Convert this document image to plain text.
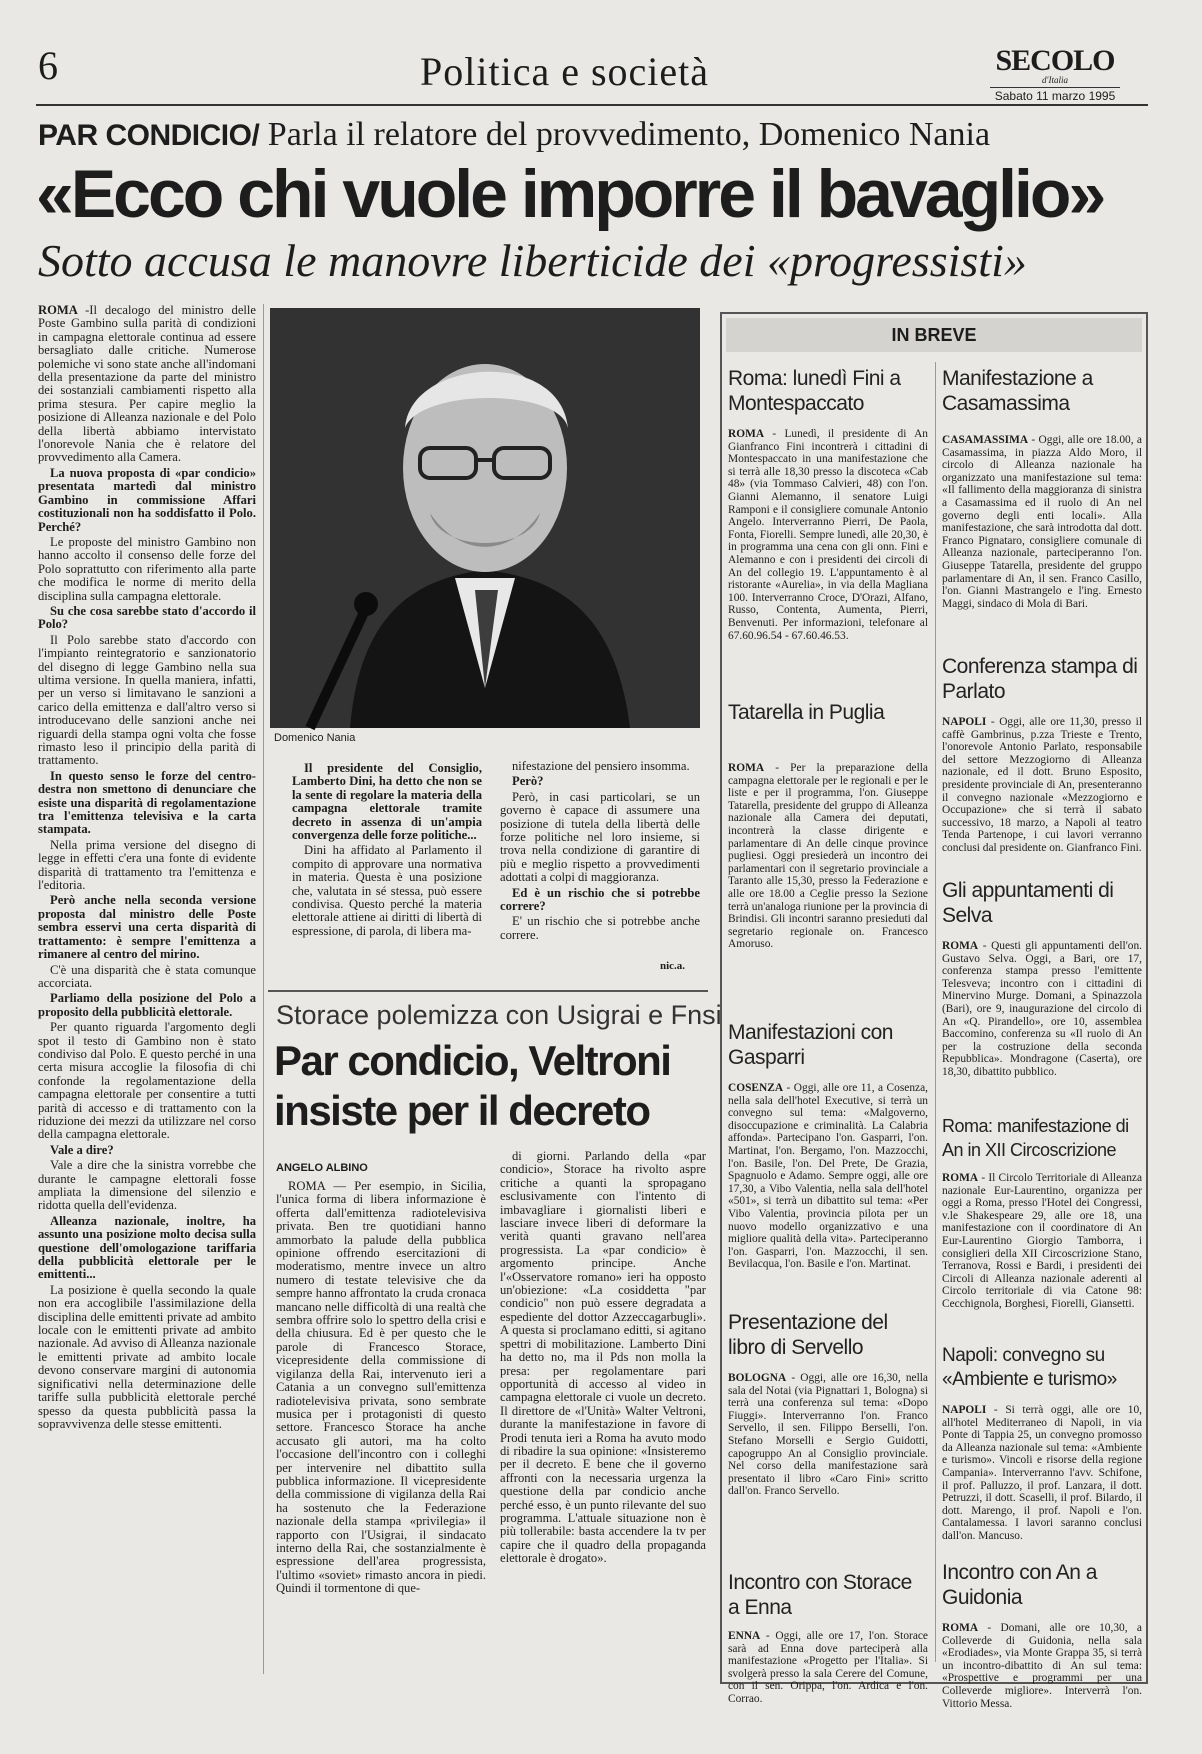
6	Politica e società	SECOLO
d'Italia
Sabato 11 marzo 1995
PAR CONDICIO/ Parla il relatore del provvedimento, Domenico Nania
«Ecco chi vuole imporre il bavaglio»
Sotto accusa le manovre liberticide dei «progressisti»

ROMA -Il decalogo del ministro delle Poste Gambino sulla parità di condizioni in campagna elettorale continua ad essere bersagliato dalle critiche. Numerose polemiche vi sono state anche all'indomani della presentazione da parte del ministro dei sostanziali cambiamenti rispetto alla prima stesura. Per capire meglio la posizione di Alleanza nazionale e del Polo della libertà abbiamo intervistato l'onorevole Nania che è relatore del provvedimento alla Camera.

La nuova proposta di «par condicio» presentata martedì dal ministro Gambino in commissione Affari costituzionali non ha soddisfatto il Polo. Perché?

Le proposte del ministro Gambino non hanno accolto il consenso delle forze del Polo soprattutto con riferimento alla parte che modifica le norme di merito della disciplina sulla campagna elettorale.

Su che cosa sarebbe stato d'accordo il Polo?

Il Polo sarebbe stato d'accordo con l'impianto reintegratorio e sanzionatorio del disegno di legge Gambino nella sua ultima versione. In quella maniera, infatti, per un verso si limitavano le sanzioni a carico della emittenza e dall'altro verso si introducevano delle sanzioni anche nei riguardi della stampa ogni volta che fosse rimasto leso il principio della parità di trattamento.

In questo senso le forze del centro-destra non smettono di denunciare che esiste una disparità di regolamentazione tra l'emittenza televisiva e la carta stampata.

Nella prima versione del disegno di legge in effetti c'era una fonte di evidente disparità di trattamento tra l'emittenza e l'editoria.

Però anche nella seconda versione proposta dal ministro delle Poste sembra esservi una certa disparità di trattamento: è sempre l'emittenza a rimanere al centro del mirino.

C'è una disparità che è stata comunque accorciata.

Parliamo della posizione del Polo a proposito della pubblicità elettorale.

Per quanto riguarda l'argomento degli spot il testo di Gambino non è stato condiviso dal Polo. E questo perché in una certa misura accoglie la filosofia di chi confonde la regolamentazione della campagna elettorale per consentire a tutti parità di accesso e di trattamento con la riduzione dei mezzi da utilizzare nel corso della campagna elettorale.

Vale a dire?

Vale a dire che la sinistra vorrebbe che durante le campagne elettorali fosse ampliata la dimensione del silenzio e ridotta quella dell'evidenza.

Alleanza nazionale, inoltre, ha assunto una posizione molto decisa sulla questione dell'omologazione tariffaria della pubblicità elettorale per le emittenti...

La posizione è quella secondo la quale non era accoglibile l'assimilazione della disciplina delle emittenti private ad ambito locale con le emittenti private ad ambito nazionale. Ad avviso di Alleanza nazionale le emittenti private ad ambito locale devono conservare margini di autonomia significativi nella determinazione delle tariffe sulla pubblicità elettorale perché spesso da questa pubblicità passa la sopravvivenza delle stesse emittenti.

Domenico Nania

Il presidente del Consiglio, Lamberto Dini, ha detto che non se la sente di regolare la materia della campagna elettorale tramite decreto in assenza di un'ampia convergenza delle forze politiche...

Dini ha affidato al Parlamento il compito di approvare una normativa in materia. Questa è una posizione che, valutata in sé stessa, può essere condivisa. Questo perché la materia elettorale attiene ai diritti di libertà di espressione, di parola, di libera ma-

nifestazione del pensiero insomma.

Però?

Però, in casi particolari, se un governo è capace di assumere una posizione di tutela della libertà delle forze politiche nel loro insieme, si trova nella condizione di garantire di più e meglio rispetto a provvedimenti adottati a colpi di maggioranza.

Ed è un rischio che si potrebbe correre?

E' un rischio che si potrebbe anche correre.

nic.a.
Storace polemizza con Usigrai e Fnsi
Par condicio, Veltroni insiste per il decreto
ANGELO ALBINO

ROMA — Per esempio, in Sicilia, l'unica forma di libera informazione è offerta dall'emittenza radiotelevisiva privata. Ben tre quotidiani hanno ammorbato la palude della pubblica opinione offrendo esercitazioni di moderatismo, mentre invece un altro numero di testate televisive che da sempre hanno affrontato la cruda cronaca mancano nelle difficoltà di una realtà che sembra offrire solo lo spettro della crisi e della chiusura. Ed è per questo che le parole di Francesco Storace, vicepresidente della commissione di vigilanza della Rai, intervenuto ieri a Catania a un convegno sull'emittenza radiotelevisiva privata, sono sembrate musica per i protagonisti di questo settore. Francesco Storace ha anche accusato gli autori, ma ha colto l'occasione dell'incontro con i colleghi per intervenire nel dibattito sulla pubblica informazione. Il vicepresidente della commissione di vigilanza della Rai ha sostenuto che la Federazione nazionale della stampa «privilegia» il rapporto con l'Usigrai, il sindacato interno della Rai, che sostanzialmente è espressione dell'area progressista, l'ultimo «soviet» rimasto ancora in piedi. Quindi il tormentone di que-

di giorni. Parlando della «par condicio», Storace ha rivolto aspre critiche a quanti la spropagano esclusivamente con l'intento di imbavagliare i giornalisti liberi e lasciare invece liberi di deformare la verità quanti gravano nell'area progressista. La «par condicio» è argomento principe. Anche l'«Osservatore romano» ieri ha opposto un'obiezione: «La cosiddetta "par condicio" non può essere degradata a espediente del dottor Azzeccagarbugli». A questa si proclamano editti, si agitano spettri di mobilitazione. Lamberto Dini ha detto no, ma il Pds non molla la presa: per regolamentare pari opportunità di accesso al video in campagna elettorale ci vuole un decreto. Il direttore de «l'Unità» Walter Veltroni, durante la manifestazione in favore di Prodi tenuta ieri a Roma ha avuto modo di ribadire la sua opinione: «Insisteremo per il decreto. E bene che il governo affronti con la necessaria urgenza la questione della par condicio anche perché esso, è un punto rilevante del suo programma. L'attuale situazione non è più tollerabile: basta accendere la tv per capire che il quadro della propaganda elettorale è drogato».

IN BREVE
Roma: lunedì Fini a Montespaccato
ROMA - Lunedì, il presidente di An Gianfranco Fini incontrerà i cittadini di Montespaccato in una manifestazione che si terrà alle 18,30 presso la discoteca «Cab 48» (via Tommaso Calvieri, 48) con l'on. Gianni Alemanno, il senatore Luigi Ramponi e il consigliere comunale Antonio Angelo. Interverranno Pierri, De Paola, Fonta, Fiorelli. Sempre lunedì, alle 20,30, è in programma una cena con gli onn. Fini e Alemanno e con i presidenti dei circoli di An del collegio 19. L'appuntamento è al ristorante «Aurelia», in via della Magliana 100. Interverranno Croce, D'Orazi, Alfano, Russo, Contenta, Aumenta, Pierri, Benvenuti. Per informazioni, telefonare al 67.60.96.54 - 67.60.46.53.
Tatarella in Puglia
ROMA - Per la preparazione della campagna elettorale per le regionali e per le liste e per il programma, l'on. Giuseppe Tatarella, presidente del gruppo di Alleanza nazionale alla Camera dei deputati, incontrerà la classe dirigente e parlamentare di An delle cinque province pugliesi. Oggi presiederà un incontro dei parlamentari con il segretario provinciale a Taranto alle 15,30, presso la Federazione e alle ore 18.00 a Ceglie presso la Sezione terrà un'analoga riunione per la provincia di Brindisi. Gli incontri saranno presieduti dal segretario regionale on. Francesco Amoruso.
Manifestazioni con Gasparri
COSENZA - Oggi, alle ore 11, a Cosenza, nella sala dell'hotel Executive, si terrà un convegno sul tema: «Malgoverno, disoccupazione e criminalità. La Calabria affonda». Partecipano l'on. Gasparri, l'on. Martinat, l'on. Bergamo, l'on. Mazzocchi, l'on. Basile, l'on. Del Prete, De Grazia, Spagnuolo e Adamo. Sempre oggi, alle ore 17,30, a Vibo Valentia, nella sala dell'hotel «501», si terrà un dibattito sul tema: «Per Vibo Valentia, provincia pilota per un nuovo modello organizzativo e una migliore qualità della vita». Parteciperanno l'on. Gasparri, l'on. Mazzocchi, il sen. Bevilacqua, l'on. Basile e l'on. Martinat.
Presentazione del libro di Servello
BOLOGNA - Oggi, alle ore 16,30, nella sala del Notai (via Pignattari 1, Bologna) si terrà una conferenza sul tema: «Dopo Fiuggi». Interverranno l'on. Franco Servello, il sen. Filippo Berselli, l'on. Stefano Morselli e Sergio Guidotti, capogruppo An al Consiglio provinciale. Nel corso della manifestazione sarà presentato il libro «Caro Fini» scritto dall'on. Franco Servello.
Incontro con Storace a Enna
ENNA - Oggi, alle ore 17, l'on. Storace sarà ad Enna dove parteciperà alla manifestazione «Progetto per l'Italia». Si svolgerà presso la sala Cerere del Comune, con il sen. Orippa, l'on. Ardica e l'on. Corrao.
Manifestazione a Casamassima
CASAMASSIMA - Oggi, alle ore 18.00, a Casamassima, in piazza Aldo Moro, il circolo di Alleanza nazionale ha organizzato una manifestazione sul tema: «Il fallimento della maggioranza di sinistra a Casamassima ed il ruolo di An nel governo degli enti locali». Alla manifestazione, che sarà introdotta dal dott. Franco Pignataro, consigliere comunale di Alleanza nazionale, parteciperanno l'on. Giuseppe Tatarella, presidente del gruppo parlamentare di An, il sen. Franco Casillo, l'on. Gianni Mastrangelo e l'ing. Ernesto Maggi, sindaco di Mola di Bari.
Conferenza stampa di Parlato
NAPOLI - Oggi, alle ore 11,30, presso il caffè Gambrinus, p.zza Trieste e Trento, l'onorevole Antonio Parlato, responsabile del settore Mezzogiorno di Alleanza nazionale, ed il dott. Bruno Esposito, presidente provinciale di An, presenteranno il convegno nazionale «Mezzogiorno e Occupazione» che si terrà il sabato successivo, 18 marzo, a Napoli al teatro Tenda Partenope, i cui lavori verranno conclusi dal presidente on. Gianfranco Fini.
Gli appuntamenti di Selva
ROMA - Questi gli appuntamenti dell'on. Gustavo Selva. Oggi, a Bari, ore 17, conferenza stampa presso l'emittente Telesveva; incontro con i cittadini di Minervino Murge. Domani, a Spinazzola (Bari), ore 9, inaugurazione del circolo di An «Q. Pirandello», ore 10, assemblea Baccomino, conferenza su «Il ruolo di An per la costruzione della seconda Repubblica». Mondragone (Caserta), ore 18,30, dibattito pubblico.
Roma: manifestazione di An in XII Circoscrizione
ROMA - Il Circolo Territoriale di Alleanza nazionale Eur-Laurentino, organizza per oggi a Roma, presso l'Hotel dei Congressi, v.le Shakespeare 29, alle ore 18, una manifestazione con il coordinatore di An Eur-Laurentino Giorgio Tamborra, i consiglieri della XII Circoscrizione Stano, Terranova, Rossi e Bardi, i presidenti dei Circoli di Alleanza nazionale aderenti al Circolo territoriale di via Catone 98: Cecchignola, Borghesi, Fiorelli, Giansetti.
Napoli: convegno su «Ambiente e turismo»
NAPOLI - Si terrà oggi, alle ore 10, all'hotel Mediterraneo di Napoli, in via Ponte di Tappia 25, un convegno promosso da Alleanza nazionale sul tema: «Ambiente e turismo». Vincoli e risorse della regione Campania». Interverranno l'avv. Schifone, il prof. Palluzzo, il prof. Lanzara, il dott. Petruzzi, il dott. Scaselli, il prof. Bilardo, il dott. Marengo, il prof. Napoli e l'on. Cantalamessa. I lavori saranno conclusi dall'on. Mancuso.
Incontro con An a Guidonia
ROMA - Domani, alle ore 10,30, a Colleverde di Guidonia, nella sala «Erodiades», via Monte Grappa 35, si terrà un incontro-dibattito di An sul tema: «Prospettive e programmi per una Colleverde migliore». Interverrà l'on. Vittorio Messa.
